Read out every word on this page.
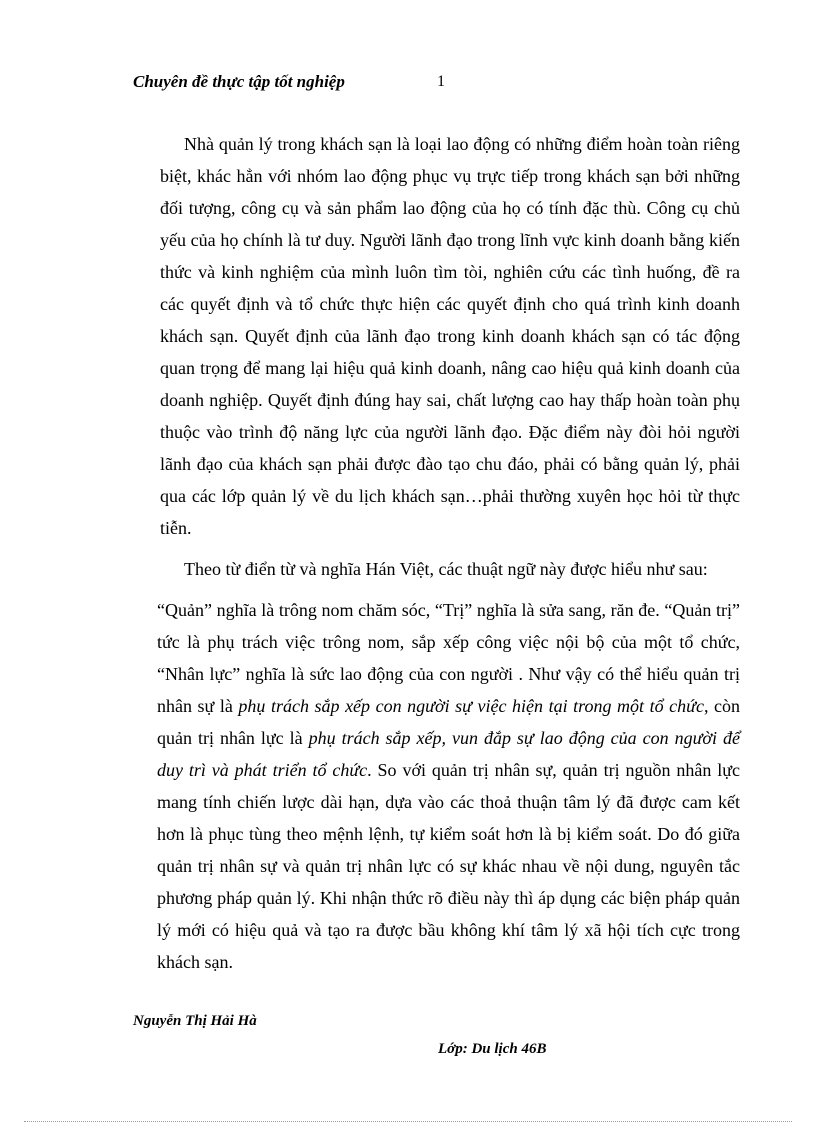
Chuyên đề thực tập tốt nghiệp	1

Nhà quản lý trong khách sạn là loại lao động có những điểm hoàn toàn riêng biệt, khác hẳn với nhóm lao động phục vụ trực tiếp trong khách sạn bởi những đối tượng, công cụ và sản phẩm lao động của họ có tính đặc thù. Công cụ chủ yếu của họ chính là tư duy. Người lãnh đạo trong lĩnh vực kinh doanh bằng kiến thức và kinh nghiệm của mình luôn tìm tòi, nghiên cứu các tình huống, đề ra các quyết định và tổ chức thực hiện các quyết định cho quá trình kinh doanh khách sạn. Quyết định của lãnh đạo trong kinh doanh khách sạn có tác động quan trọng để mang lại hiệu quả kinh doanh, nâng cao hiệu quả kinh doanh của doanh nghiệp. Quyết định đúng hay sai, chất lượng cao hay thấp hoàn toàn phụ thuộc vào trình độ năng lực của người lãnh đạo. Đặc điểm này đòi hỏi người lãnh đạo của khách sạn phải được đào tạo chu đáo, phải có bằng quản lý, phải qua các lớp quản lý về du lịch khách sạn…phải thường xuyên học hỏi từ thực tiễn.

Theo từ điển từ và nghĩa Hán Việt, các thuật ngữ này được hiểu như sau:

“Quản” nghĩa là trông nom chăm sóc, “Trị” nghĩa là sửa sang, răn đe. “Quản trị” tức là phụ trách việc trông nom, sắp xếp công việc nội bộ của một tổ chức, “Nhân lực” nghĩa là sức lao động của con người . Như vậy có thể hiểu quản trị nhân sự là phụ trách sắp xếp con người sự việc hiện tại trong một tổ chức, còn quản trị nhân lực là phụ trách sắp xếp, vun đắp sự lao động của con người để duy trì và phát triển tổ chức. So với quản trị nhân sự, quản trị nguồn nhân lực mang tính chiến lược dài hạn, dựa vào các thoả thuận tâm lý đã được cam kết hơn là phục tùng theo mệnh lệnh, tự kiểm soát hơn là bị kiểm soát. Do đó giữa quản trị nhân sự và quản trị nhân lực có sự khác nhau về nội dung, nguyên tắc phương pháp quản lý. Khi nhận thức rõ điều này thì áp dụng các biện pháp quản lý mới có hiệu quả và tạo ra được bầu không khí tâm lý xã hội tích cực trong khách sạn.

Nguyễn Thị Hải Hà
Lớp: Du lịch 46B
